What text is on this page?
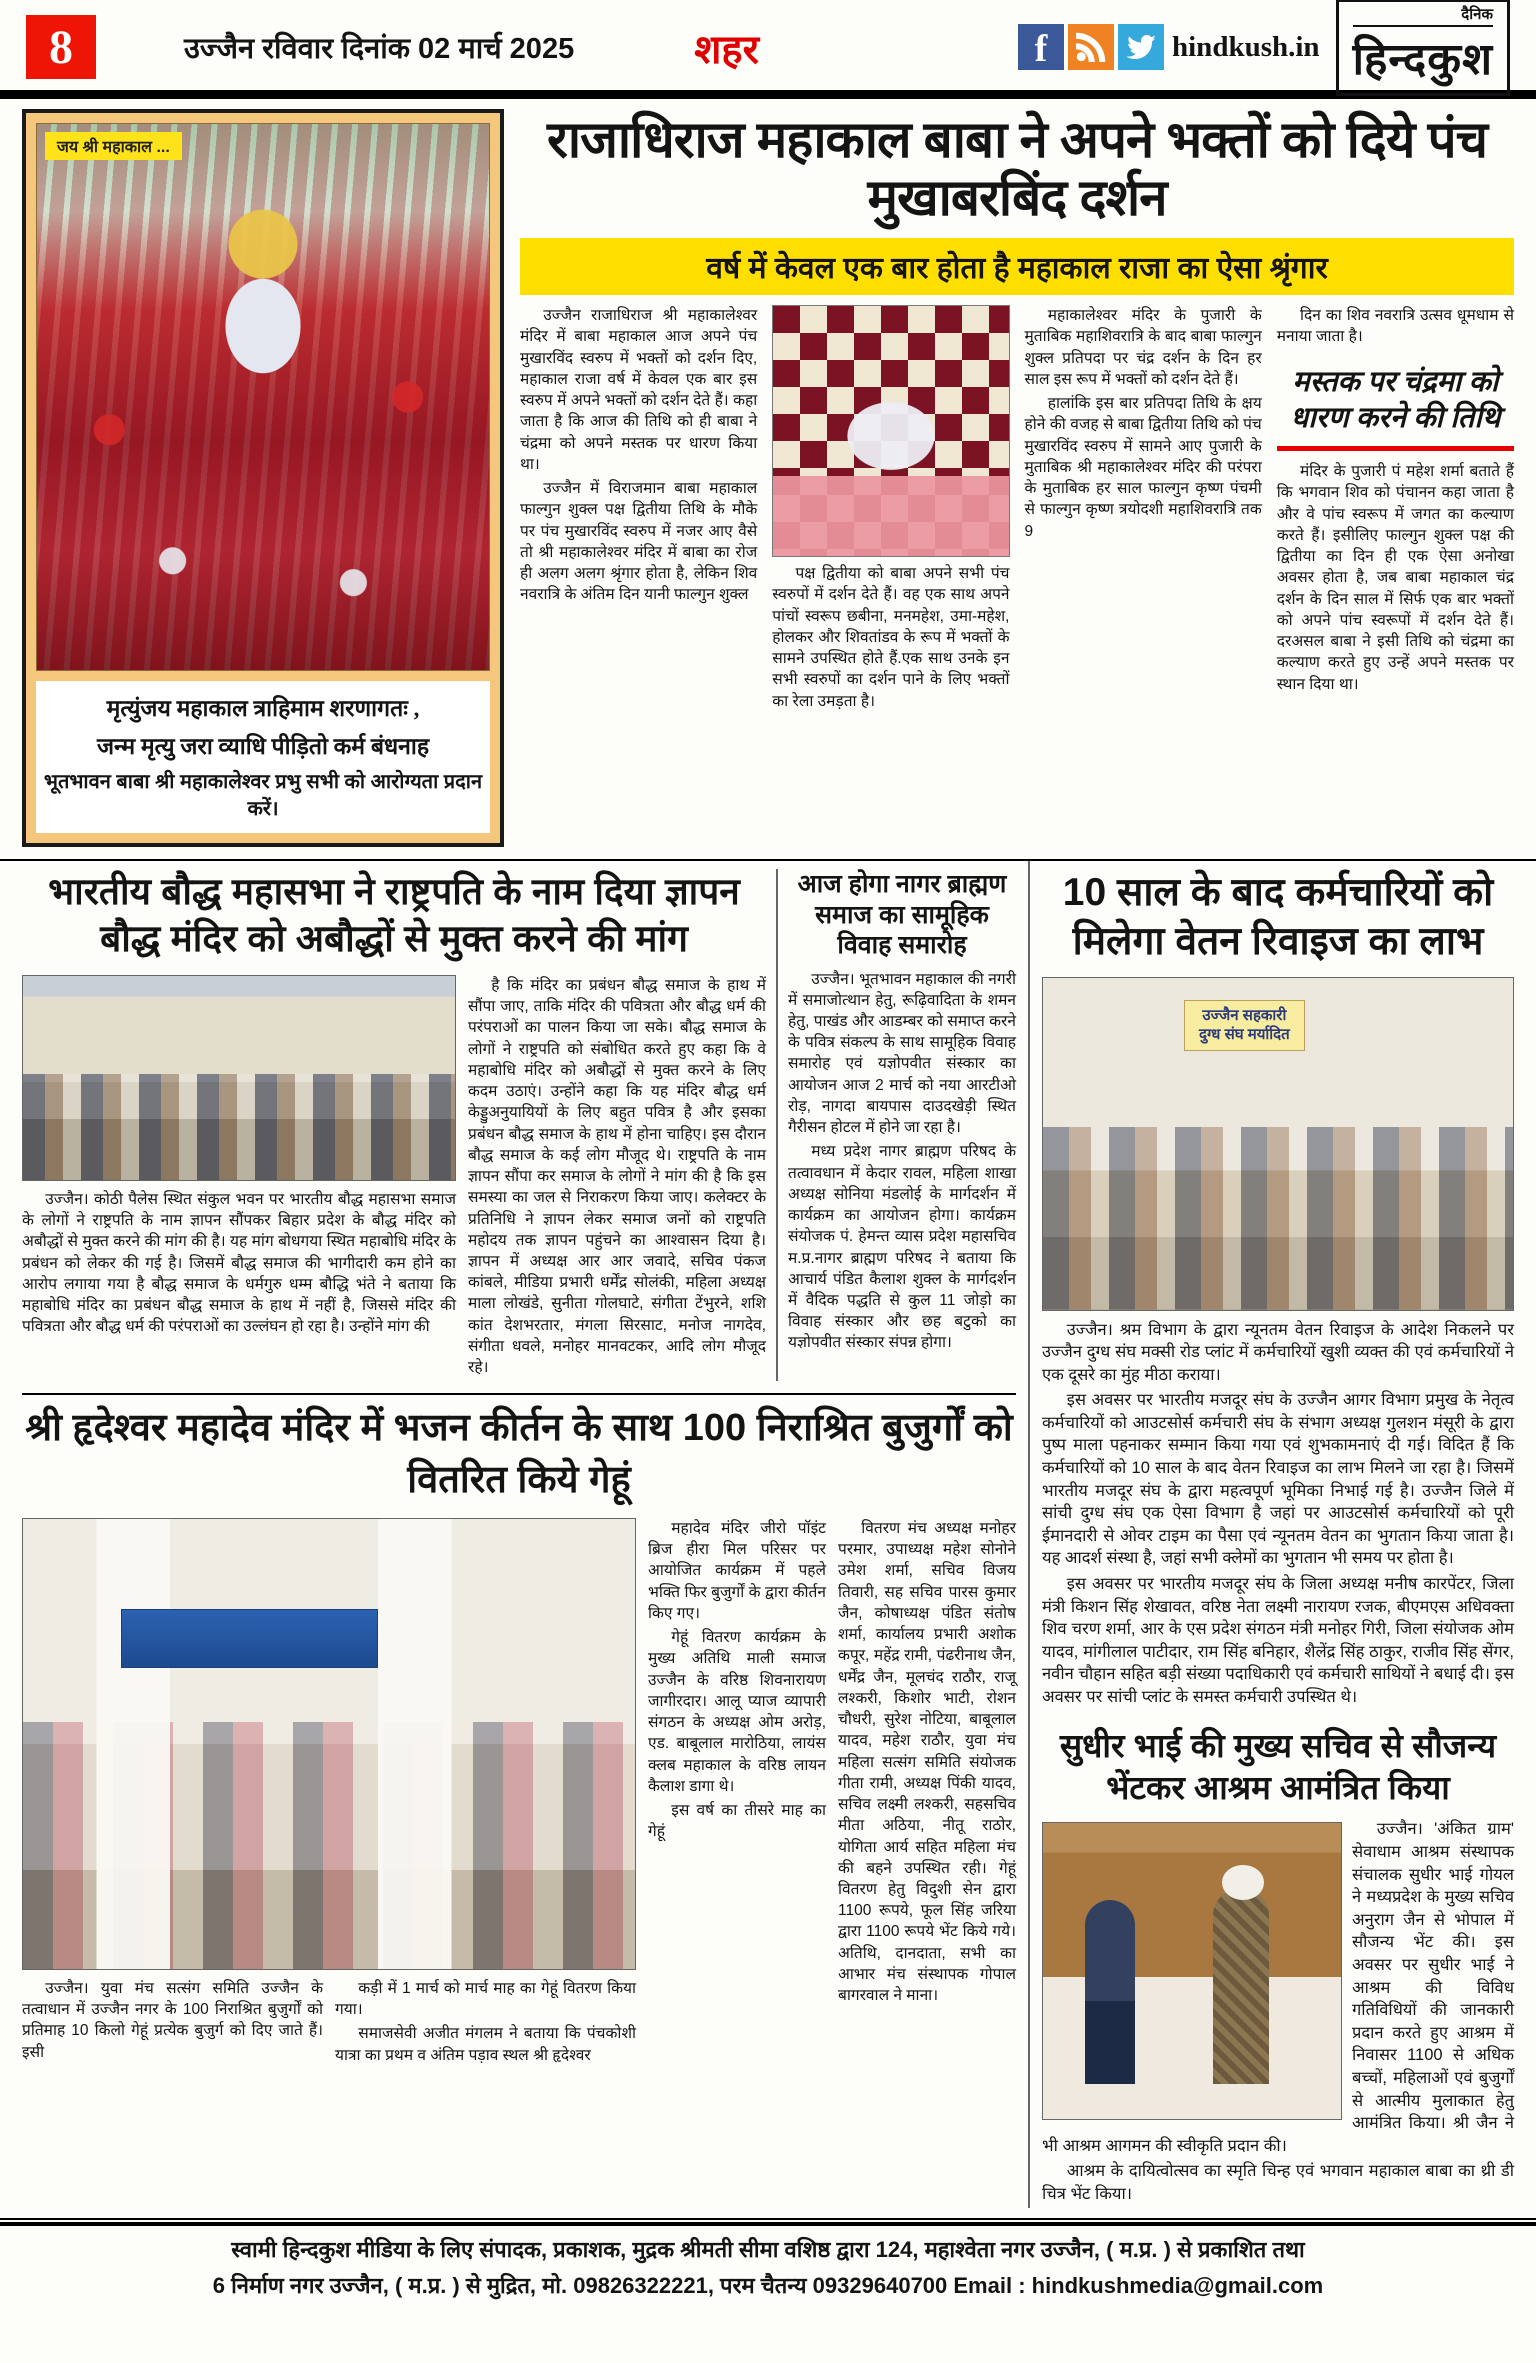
8	उज्जैन रविवार दिनांक 02 मार्च 2025	शहर	f	hindkush.in
दैनिक
हिन्दकुश
जय श्री महाकाल ...

मृत्युंजय महाकाल त्राहिमाम शरणागतः ,

जन्म मृत्यु जरा व्याधि पीड़ितो कर्म बंधनाह

भूतभावन बाबा श्री महाकालेश्वर प्रभु सभी को आरोग्यता प्रदान करें।

राजाधिराज महाकाल बाबा ने अपने भक्तों को दिये पंच मुखाबरबिंद दर्शन
वर्ष में केवल एक बार होता है महाकाल राजा का ऐसा श्रृंगार

उज्जैन राजाधिराज श्री महाकालेश्वर मंदिर में बाबा महाकाल आज अपने पंच मुखारविंद स्वरुप में भक्तों को दर्शन दिए, महाकाल राजा वर्ष में केवल एक बार इस स्वरुप में अपने भक्तों को दर्शन देते हैं। कहा जाता है कि आज की तिथि को ही बाबा ने चंद्रमा को अपने मस्तक पर धारण किया था।

उज्जैन में विराजमान बाबा महाकाल फाल्गुन शुक्ल पक्ष द्वितीया तिथि के मौके पर पंच मुखारविंद स्वरुप में नजर आए वैसे तो श्री महाकालेश्वर मंदिर में बाबा का रोज ही अलग अलग श्रृंगार होता है, लेकिन शिव नवरात्रि के अंतिम दिन यानी फाल्गुन शुक्ल

पक्ष द्वितीया को बाबा अपने सभी पंच स्वरुपों में दर्शन देते हैं। वह एक साथ अपने पांचों स्वरूप छबीना, मनमहेश, उमा-महेश, होलकर और शिवतांडव के रूप में भक्तों के सामने उपस्थित होते हैं.एक साथ उनके इन सभी स्वरुपों का दर्शन पाने के लिए भक्तों का रेला उमड़ता है।

महाकालेश्वर मंदिर के पुजारी के मुताबिक महाशिवरात्रि के बाद बाबा फाल्गुन शुक्ल प्रतिपदा पर चंद्र दर्शन के दिन हर साल इस रूप में भक्तों को दर्शन देते हैं।

हालांकि इस बार प्रतिपदा तिथि के क्षय होने की वजह से बाबा द्वितीया तिथि को पंच मुखारविंद स्वरुप में सामने आए पुजारी के मुताबिक श्री महाकालेश्वर मंदिर की परंपरा के मुताबिक हर साल फाल्गुन कृष्ण पंचमी से फाल्गुन कृष्ण त्रयोदशी महाशिवरात्रि तक 9

दिन का शिव नवरात्रि उत्सव धूमधाम से मनाया जाता है।

मस्तक पर चंद्रमा को धारण करने की तिथि

मंदिर के पुजारी पं महेश शर्मा बताते हैं कि भगवान शिव को पंचानन कहा जाता है और वे पांच स्वरूप में जगत का कल्याण करते हैं। इसीलिए फाल्गुन शुक्ल पक्ष की द्वितीया का दिन ही एक ऐसा अनोखा अवसर होता है, जब बाबा महाकाल चंद्र दर्शन के दिन साल में सिर्फ एक बार भक्तों को अपने पांच स्वरूपों में दर्शन देते हैं। दरअसल बाबा ने इसी तिथि को चंद्रमा का कल्याण करते हुए उन्हें अपने मस्तक पर स्थान दिया था।

भारतीय बौद्ध महासभा ने राष्ट्रपति के नाम दिया ज्ञापन बौद्ध मंदिर को अबौद्धों से मुक्त करने की मांग

उज्जैन। कोठी पैलेस स्थित संकुल भवन पर भारतीय बौद्ध महासभा समाज के लोगों ने राष्ट्रपति के नाम ज्ञापन सौंपकर बिहार प्रदेश के बौद्ध मंदिर को अबौद्धों से मुक्त करने की मांग की है। यह मांग बोधगया स्थित महाबोधि मंदिर के प्रबंधन को लेकर की गई है। जिसमें बौद्ध समाज की भागीदारी कम होने का आरोप लगाया गया है बौद्ध समाज के धर्मगुरु धम्म बौद्धि भंते ने बताया कि महाबोधि मंदिर का प्रबंधन बौद्ध समाज के हाथ में नहीं है, जिससे मंदिर की पवित्रता और बौद्ध धर्म की परंपराओं का उल्लंघन हो रहा है। उन्होंने मांग की

है कि मंदिर का प्रबंधन बौद्ध समाज के हाथ में सौंपा जाए, ताकि मंदिर की पवित्रता और बौद्ध धर्म की परंपराओं का पालन किया जा सके। बौद्ध समाज के लोगों ने राष्ट्रपति को संबोधित करते हुए कहा कि वे महाबोधि मंदिर को अबौद्धों से मुक्त करने के लिए कदम उठाएं। उन्होंने कहा कि यह मंदिर बौद्ध धर्म केड्डुअनुयायियों के लिए बहुत पवित्र है और इसका प्रबंधन बौद्ध समाज के हाथ में होना चाहिए। इस दौरान बौद्ध समाज के कई लोग मौजूद थे। राष्ट्रपति के नाम ज्ञापन सौंपा कर समाज के लोगों ने मांग की है कि इस समस्या का जल से निराकरण किया जाए। कलेक्टर के प्रतिनिधि ने ज्ञापन लेकर समाज जनों को राष्ट्रपति महोदय तक ज्ञापन पहुंचने का आश्वासन दिया है। ज्ञापन में अध्यक्ष आर आर जवादे, सचिव पंकज कांबले, मीडिया प्रभारी धर्मेंद्र सोलंकी, महिला अध्यक्ष माला लोखंडे, सुनीता गोलघाटे, संगीता टेंभुरने, शशि कांत देशभरतार, मंगला सिरसाट, मनोज नागदेव, संगीता धवले, मनोहर मानवटकर, आदि लोग मौजूद रहे।

आज होगा नागर ब्राह्मण समाज का सामूहिक विवाह समारोह

उज्जैन। भूतभावन महाकाल की नगरी में समाजोत्थान हेतु, रूढ़िवादिता के शमन हेतु, पाखंड और आडम्बर को समाप्त करने के पवित्र संकल्प के साथ सामूहिक विवाह समारोह एवं यज्ञोपवीत संस्कार का आयोजन आज 2 मार्च को नया आरटीओ रोड़, नागदा बायपास दाउदखेड़ी स्थित गैरीसन होटल में होने जा रहा है।

मध्य प्रदेश नागर ब्राह्मण परिषद के तत्वावधान में केदार रावल, महिला शाखा अध्यक्ष सोनिया मंडलोई के मार्गदर्शन में कार्यक्रम का आयोजन होगा। कार्यक्रम संयोजक पं. हेमन्त व्यास प्रदेश महासचिव म.प्र.नागर ब्राह्मण परिषद ने बताया कि आचार्य पंडित कैलाश शुक्ल के मार्गदर्शन में वैदिक पद्धति से कुल 11 जोड़ो का विवाह संस्कार और छह बटुको का यज्ञोपवीत संस्कार संपन्न होगा।

श्री हृदेश्वर महादेव मंदिर में भजन कीर्तन के साथ 100 निराश्रित बुजुर्गों को वितरित किये गेहूं

उज्जैन। युवा मंच सत्संग समिति उज्जैन के तत्वाधान में उज्जैन नगर के 100 निराश्रित बुजुर्गों को प्रतिमाह 10 किलो गेहूं प्रत्येक बुजुर्ग को दिए जाते हैं। इसी

कड़ी में 1 मार्च को मार्च माह का गेहूं वितरण किया गया।

समाजसेवी अजीत मंगलम ने बताया कि पंचकोशी यात्रा का प्रथम व अंतिम पड़ाव स्थल श्री हृदेश्वर

महादेव मंदिर जीरो पॉइंट ब्रिज हीरा मिल परिसर पर आयोजित कार्यक्रम में पहले भक्ति फिर बुजुर्गों के द्वारा कीर्तन किए गए।

गेहूं वितरण कार्यक्रम के मुख्य अतिथि माली समाज उज्जैन के वरिष्ठ शिवनारायण जागीरदार। आलू प्याज व्यापारी संगठन के अध्यक्ष ओम अरोड़, एड. बाबूलाल मारोठिया, लायंस क्लब महाकाल के वरिष्ठ लायन कैलाश डागा थे।

इस वर्ष का तीसरे माह का गेहूं

वितरण मंच अध्यक्ष मनोहर परमार, उपाध्यक्ष महेश सोनोने उमेश शर्मा, सचिव विजय तिवारी, सह सचिव पारस कुमार जैन, कोषाध्यक्ष पंडित संतोष शर्मा, कार्यालय प्रभारी अशोक कपूर, महेंद्र रामी, पंढरीनाथ जैन, धर्मेंद्र जैन, मूलचंद राठौर, राजू लश्करी, किशोर भाटी, रोशन चौधरी, सुरेश नोटिया, बाबूलाल यादव, महेश राठौर, युवा मंच महिला सत्संग समिति संयोजक गीता रामी, अध्यक्ष पिंकी यादव, सचिव लक्ष्मी लश्करी, सहसचिव मीता अठिया, नीतू राठोर, योगिता आर्य सहित महिला मंच की बहने उपस्थित रही। गेहूं वितरण हेतु विदुशी सेन द्वारा 1100 रूपये, फूल सिंह जरिया द्वारा 1100 रूपये भेंट किये गये। अतिथि, दानदाता, सभी का आभार मंच संस्थापक गोपाल बागरवाल ने माना।

10 साल के बाद कर्मचारियों को मिलेगा वेतन रिवाइज का लाभ
उज्जैन सहकारी
दुग्ध संघ मर्यादित

उज्जैन। श्रम विभाग के द्वारा न्यूनतम वेतन रिवाइज के आदेश निकलने पर उज्जैन दुग्ध संघ मक्सी रोड प्लांट में कर्मचारियों खुशी व्यक्त की एवं कर्मचारियों ने एक दूसरे का मुंह मीठा कराया।

इस अवसर पर भारतीय मजदूर संघ के उज्जैन आगर विभाग प्रमुख के नेतृत्व कर्मचारियों को आउटसोर्स कर्मचारी संघ के संभाग अध्यक्ष गुलशन मंसूरी के द्वारा पुष्प माला पहनाकर सम्मान किया गया एवं शुभकामनाएं दी गई। विदित हैं कि कर्मचारियों को 10 साल के बाद वेतन रिवाइज का लाभ मिलने जा रहा है। जिसमें भारतीय मजदूर संघ के द्वारा महत्वपूर्ण भूमिका निभाई गई है। उज्जैन जिले में सांची दुग्ध संघ एक ऐसा विभाग है जहां पर आउटसोर्स कर्मचारियों को पूरी ईमानदारी से ओवर टाइम का पैसा एवं न्यूनतम वेतन का भुगतान किया जाता है। यह आदर्श संस्था है, जहां सभी क्लेमों का भुगतान भी समय पर होता है।

इस अवसर पर भारतीय मजदूर संघ के जिला अध्यक्ष मनीष कारपेंटर, जिला मंत्री किशन सिंह शेखावत, वरिष्ठ नेता लक्ष्मी नारायण रजक, बीएमएस अधिवक्ता शिव चरण शर्मा, आर के एस प्रदेश संगठन मंत्री मनोहर गिरी, जिला संयोजक ओम यादव, मांगीलाल पाटीदार, राम सिंह बनिहार, शैलेंद्र सिंह ठाकुर, राजीव सिंह सेंगर, नवीन चौहान सहित बड़ी संख्या पदाधिकारी एवं कर्मचारी साथियों ने बधाई दी। इस अवसर पर सांची प्लांट के समस्त कर्मचारी उपस्थित थे।

सुधीर भाई की मुख्य सचिव से सौजन्य भेंटकर आश्रम आमंत्रित किया

उज्जैन। 'अंकित ग्राम' सेवाधाम आश्रम संस्थापक संचालक सुधीर भाई गोयल ने मध्यप्रदेश के मुख्य सचिव अनुराग जैन से भोपाल में सौजन्य भेंट की। इस अवसर पर सुधीर भाई ने आश्रम की विविध गतिविधियों की जानकारी प्रदान करते हुए आश्रम में निवासर 1100 से अधिक बच्चों, महिलाओं एवं बुजुर्गों से आत्मीय मुलाकात हेतु आमंत्रित किया। श्री जैन ने भी आश्रम आगमन की स्वीकृति प्रदान की।

आश्रम के दायित्वोत्सव का स्मृति चिन्ह एवं भगवान महाकाल बाबा का थ्री डी चित्र भेंट किया।

स्वामी हिन्दकुश मीडिया के लिए संपादक, प्रकाशक, मुद्रक श्रीमती सीमा वशिष्ठ द्वारा 124, महाश्वेता नगर उज्जैन, ( म.प्र. ) से प्रकाशित तथा

6 निर्माण नगर उज्जैन, ( म.प्र. ) से मुद्रित, मो. 09826322221, परम चैतन्य 09329640700 Email : hindkushmedia@gmail.com
